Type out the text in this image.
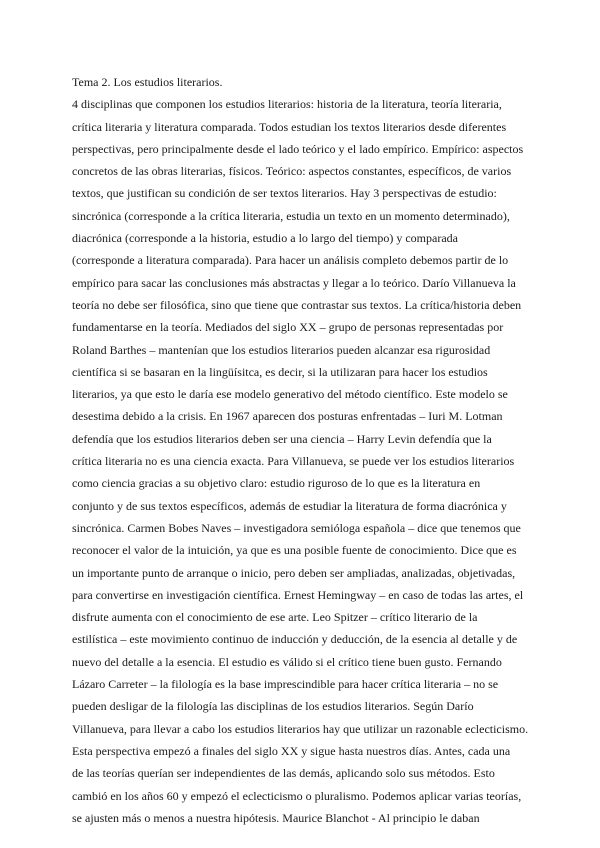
Tema 2. Los estudios literarios.
4 disciplinas que componen los estudios literarios: historia de la literatura, teoría literaria,
crítica literaria y literatura comparada. Todos estudian los textos literarios desde diferentes
perspectivas, pero principalmente desde el lado teórico y el lado empírico. Empírico: aspectos
concretos de las obras literarias, físicos. Teórico: aspectos constantes, específicos, de varios
textos, que justifican su condición de ser textos literarios. Hay 3 perspectivas de estudio:
sincrónica (corresponde a la crítica literaria, estudia un texto en un momento determinado),
diacrónica (corresponde a la historia, estudio a lo largo del tiempo) y comparada
(corresponde a literatura comparada). Para hacer un análisis completo debemos partir de lo
empírico para sacar las conclusiones más abstractas y llegar a lo teórico. Darío Villanueva la
teoría no debe ser filosófica, sino que tiene que contrastar sus textos. La crítica/historia deben
fundamentarse en la teoría. Mediados del siglo XX – grupo de personas representadas por
Roland Barthes – mantenían que los estudios literarios pueden alcanzar esa rigurosidad
científica si se basaran en la lingüísitca, es decir, si la utilizaran para hacer los estudios
literarios, ya que esto le daría ese modelo generativo del método científico. Este modelo se
desestima debido a la crisis. En 1967 aparecen dos posturas enfrentadas – Iuri M. Lotman
defendía que los estudios literarios deben ser una ciencia – Harry Levin defendía que la
crítica literaria no es una ciencia exacta. Para Villanueva, se puede ver los estudios literarios
como ciencia gracias a su objetivo claro: estudio riguroso de lo que es la literatura en
conjunto y de sus textos específicos, además de estudiar la literatura de forma diacrónica y
sincrónica. Carmen Bobes Naves – investigadora semióloga española – dice que tenemos que
reconocer el valor de la intuición, ya que es una posible fuente de conocimiento. Dice que es
un importante punto de arranque o inicio, pero deben ser ampliadas, analizadas, objetivadas,
para convertirse en investigación científica. Ernest Hemingway – en caso de todas las artes, el
disfrute aumenta con el conocimiento de ese arte. Leo Spitzer – crítico literario de la
estilística – este movimiento continuo de inducción y deducción, de la esencia al detalle y de
nuevo del detalle a la esencia. El estudio es válido si el crítico tiene buen gusto. Fernando
Lázaro Carreter – la filología es la base imprescindible para hacer crítica literaria – no se
pueden desligar de la filología las disciplinas de los estudios literarios. Según Darío
Villanueva, para llevar a cabo los estudios literarios hay que utilizar un razonable eclecticismo.
Esta perspectiva empezó a finales del siglo XX y sigue hasta nuestros días. Antes, cada una
de las teorías querían ser independientes de las demás, aplicando solo sus métodos. Esto
cambió en los años 60 y empezó el eclecticismo o pluralismo. Podemos aplicar varias teorías,
se ajusten más o menos a nuestra hipótesis. Maurice Blanchot - Al principio le daban
